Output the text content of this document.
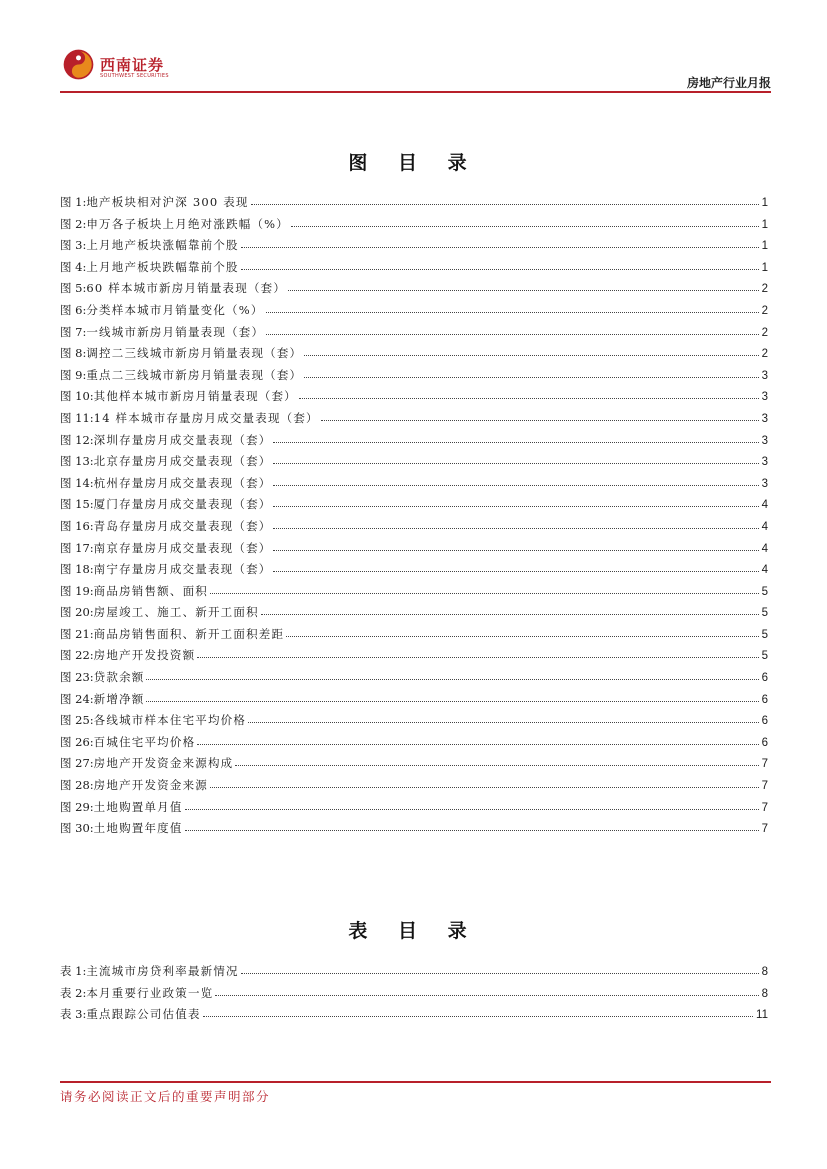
西南证券
SOUTHWEST SECURITIES	房地产行业月报
图 目 录
图 1: 地产板块相对沪深 300 表现	1
图 2: 申万各子板块上月绝对涨跌幅（%）	1
图 3: 上月地产板块涨幅靠前个股	1
图 4: 上月地产板块跌幅靠前个股	1
图 5: 60 样本城市新房月销量表现（套）	2
图 6: 分类样本城市月销量变化（%）	2
图 7: 一线城市新房月销量表现（套）	2
图 8: 调控二三线城市新房月销量表现（套）	2
图 9: 重点二三线城市新房月销量表现（套）	3
图 10: 其他样本城市新房月销量表现（套）	3
图 11: 14 样本城市存量房月成交量表现（套）	3
图 12: 深圳存量房月成交量表现（套）	3
图 13: 北京存量房月成交量表现（套）	3
图 14: 杭州存量房月成交量表现（套）	3
图 15: 厦门存量房月成交量表现（套）	4
图 16: 青岛存量房月成交量表现（套）	4
图 17: 南京存量房月成交量表现（套）	4
图 18: 南宁存量房月成交量表现（套）	4
图 19: 商品房销售额、面积	5
图 20: 房屋竣工、施工、新开工面积	5
图 21: 商品房销售面积、新开工面积差距	5
图 22: 房地产开发投资额	5
图 23: 贷款余额	6
图 24: 新增净额	6
图 25: 各线城市样本住宅平均价格	6
图 26: 百城住宅平均价格	6
图 27: 房地产开发资金来源构成	7
图 28: 房地产开发资金来源	7
图 29: 土地购置单月值	7
图 30: 土地购置年度值	7
表 目 录
表 1: 主流城市房贷利率最新情况	8
表 2: 本月重要行业政策一览	8
表 3: 重点跟踪公司估值表	11
请务必阅读正文后的重要声明部分
